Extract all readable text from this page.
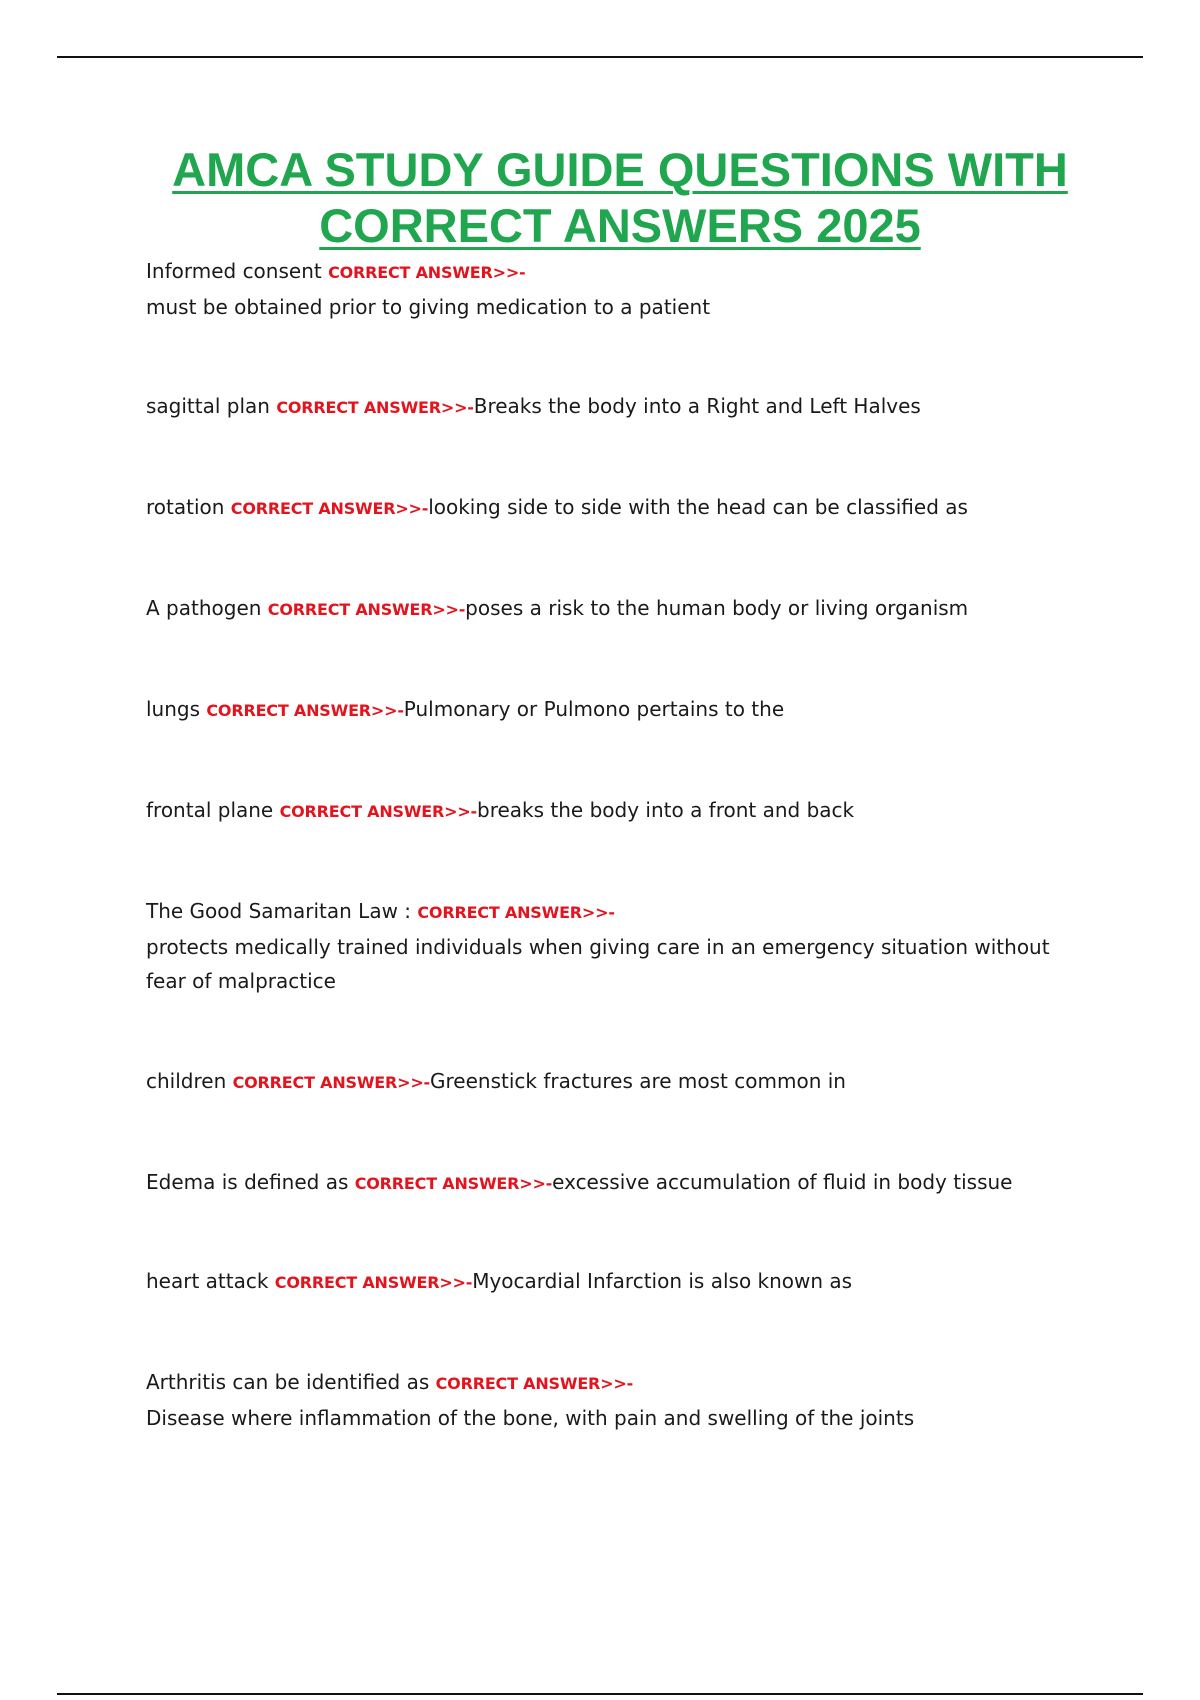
AMCA STUDY GUIDE QUESTIONS WITH CORRECT ANSWERS 2025
Informed consent CORRECT ANSWER>>-
must be obtained prior to giving medication to a patient
sagittal plan CORRECT ANSWER>>-Breaks the body into a Right and Left Halves
rotation CORRECT ANSWER>>-looking side to side with the head can be classified as
A pathogen CORRECT ANSWER>>-poses a risk to the human body or living organism
lungs CORRECT ANSWER>>-Pulmonary or Pulmono pertains to the
frontal plane CORRECT ANSWER>>-breaks the body into a front and back
The Good Samaritan Law : CORRECT ANSWER>>-
protects medically trained individuals when giving care in an emergency situation without fear of malpractice
children CORRECT ANSWER>>-Greenstick fractures are most common in
Edema is defined as CORRECT ANSWER>>-excessive accumulation of fluid in body tissue
heart attack CORRECT ANSWER>>-Myocardial Infarction is also known as
Arthritis can be identified as CORRECT ANSWER>>-
Disease where inflammation of the bone, with pain and swelling of the joints
